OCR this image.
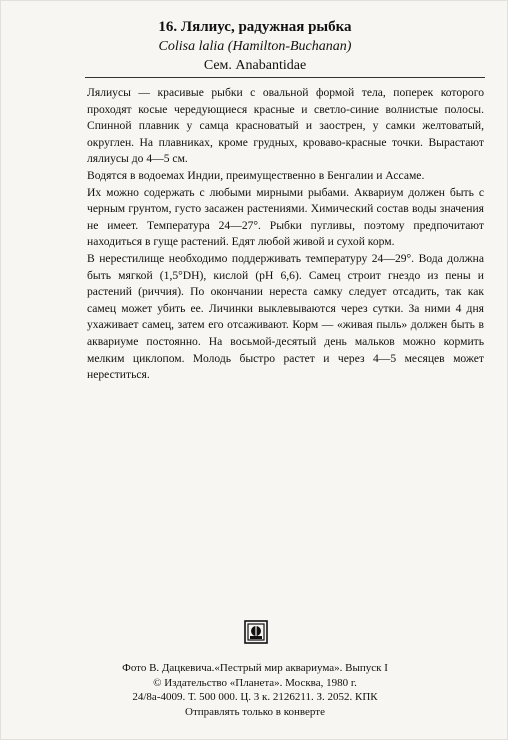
16. Лялиус, радужная рыбка
Colisa lalia (Hamilton-Buchanan)
Сем. Anabantidae

Лялиусы — красивые рыбки с овальной формой тела, поперек которого проходят косые чередующиеся красные и светло-синие волнистые полосы. Спинной плавник у самца красноватый и заострен, у самки желтоватый, округлен. На плавниках, кроме грудных, кроваво-красные точки. Вырастают лялиусы до 4—5 см.

Водятся в водоемах Индии, преимущественно в Бенгалии и Ассаме.

Их можно содержать с любыми мирными рыбами. Аквариум должен быть с черным грунтом, густо засажен растениями. Химический состав воды значения не имеет. Температура 24—27°. Рыбки пугливы, поэтому предпочитают находиться в гуще растений. Едят любой живой и сухой корм.

В нерестилище необходимо поддерживать температуру 24—29°. Вода должна быть мягкой (1,5°DH), кислой (pH 6,6). Самец строит гнездо из пены и растений (риччия). По окончании нереста самку следует отсадить, так как самец может убить ее. Личинки выклевываются через сутки. За ними 4 дня ухаживает самец, затем его отсаживают. Корм — «живая пыль» должен быть в аквариуме постоянно. На восьмой-десятый день мальков можно кормить мелким циклопом. Молодь быстро растет и через 4—5 месяцев может нереститься.

Фото В. Дацкевича.«Пестрый мир аквариума». Выпуск I
© Издательство «Планета». Москва, 1980 г.
24/8а-4009. Т. 500 000. Ц. 3 к. 2126211. З. 2052. КПК
Отправлять только в конверте
